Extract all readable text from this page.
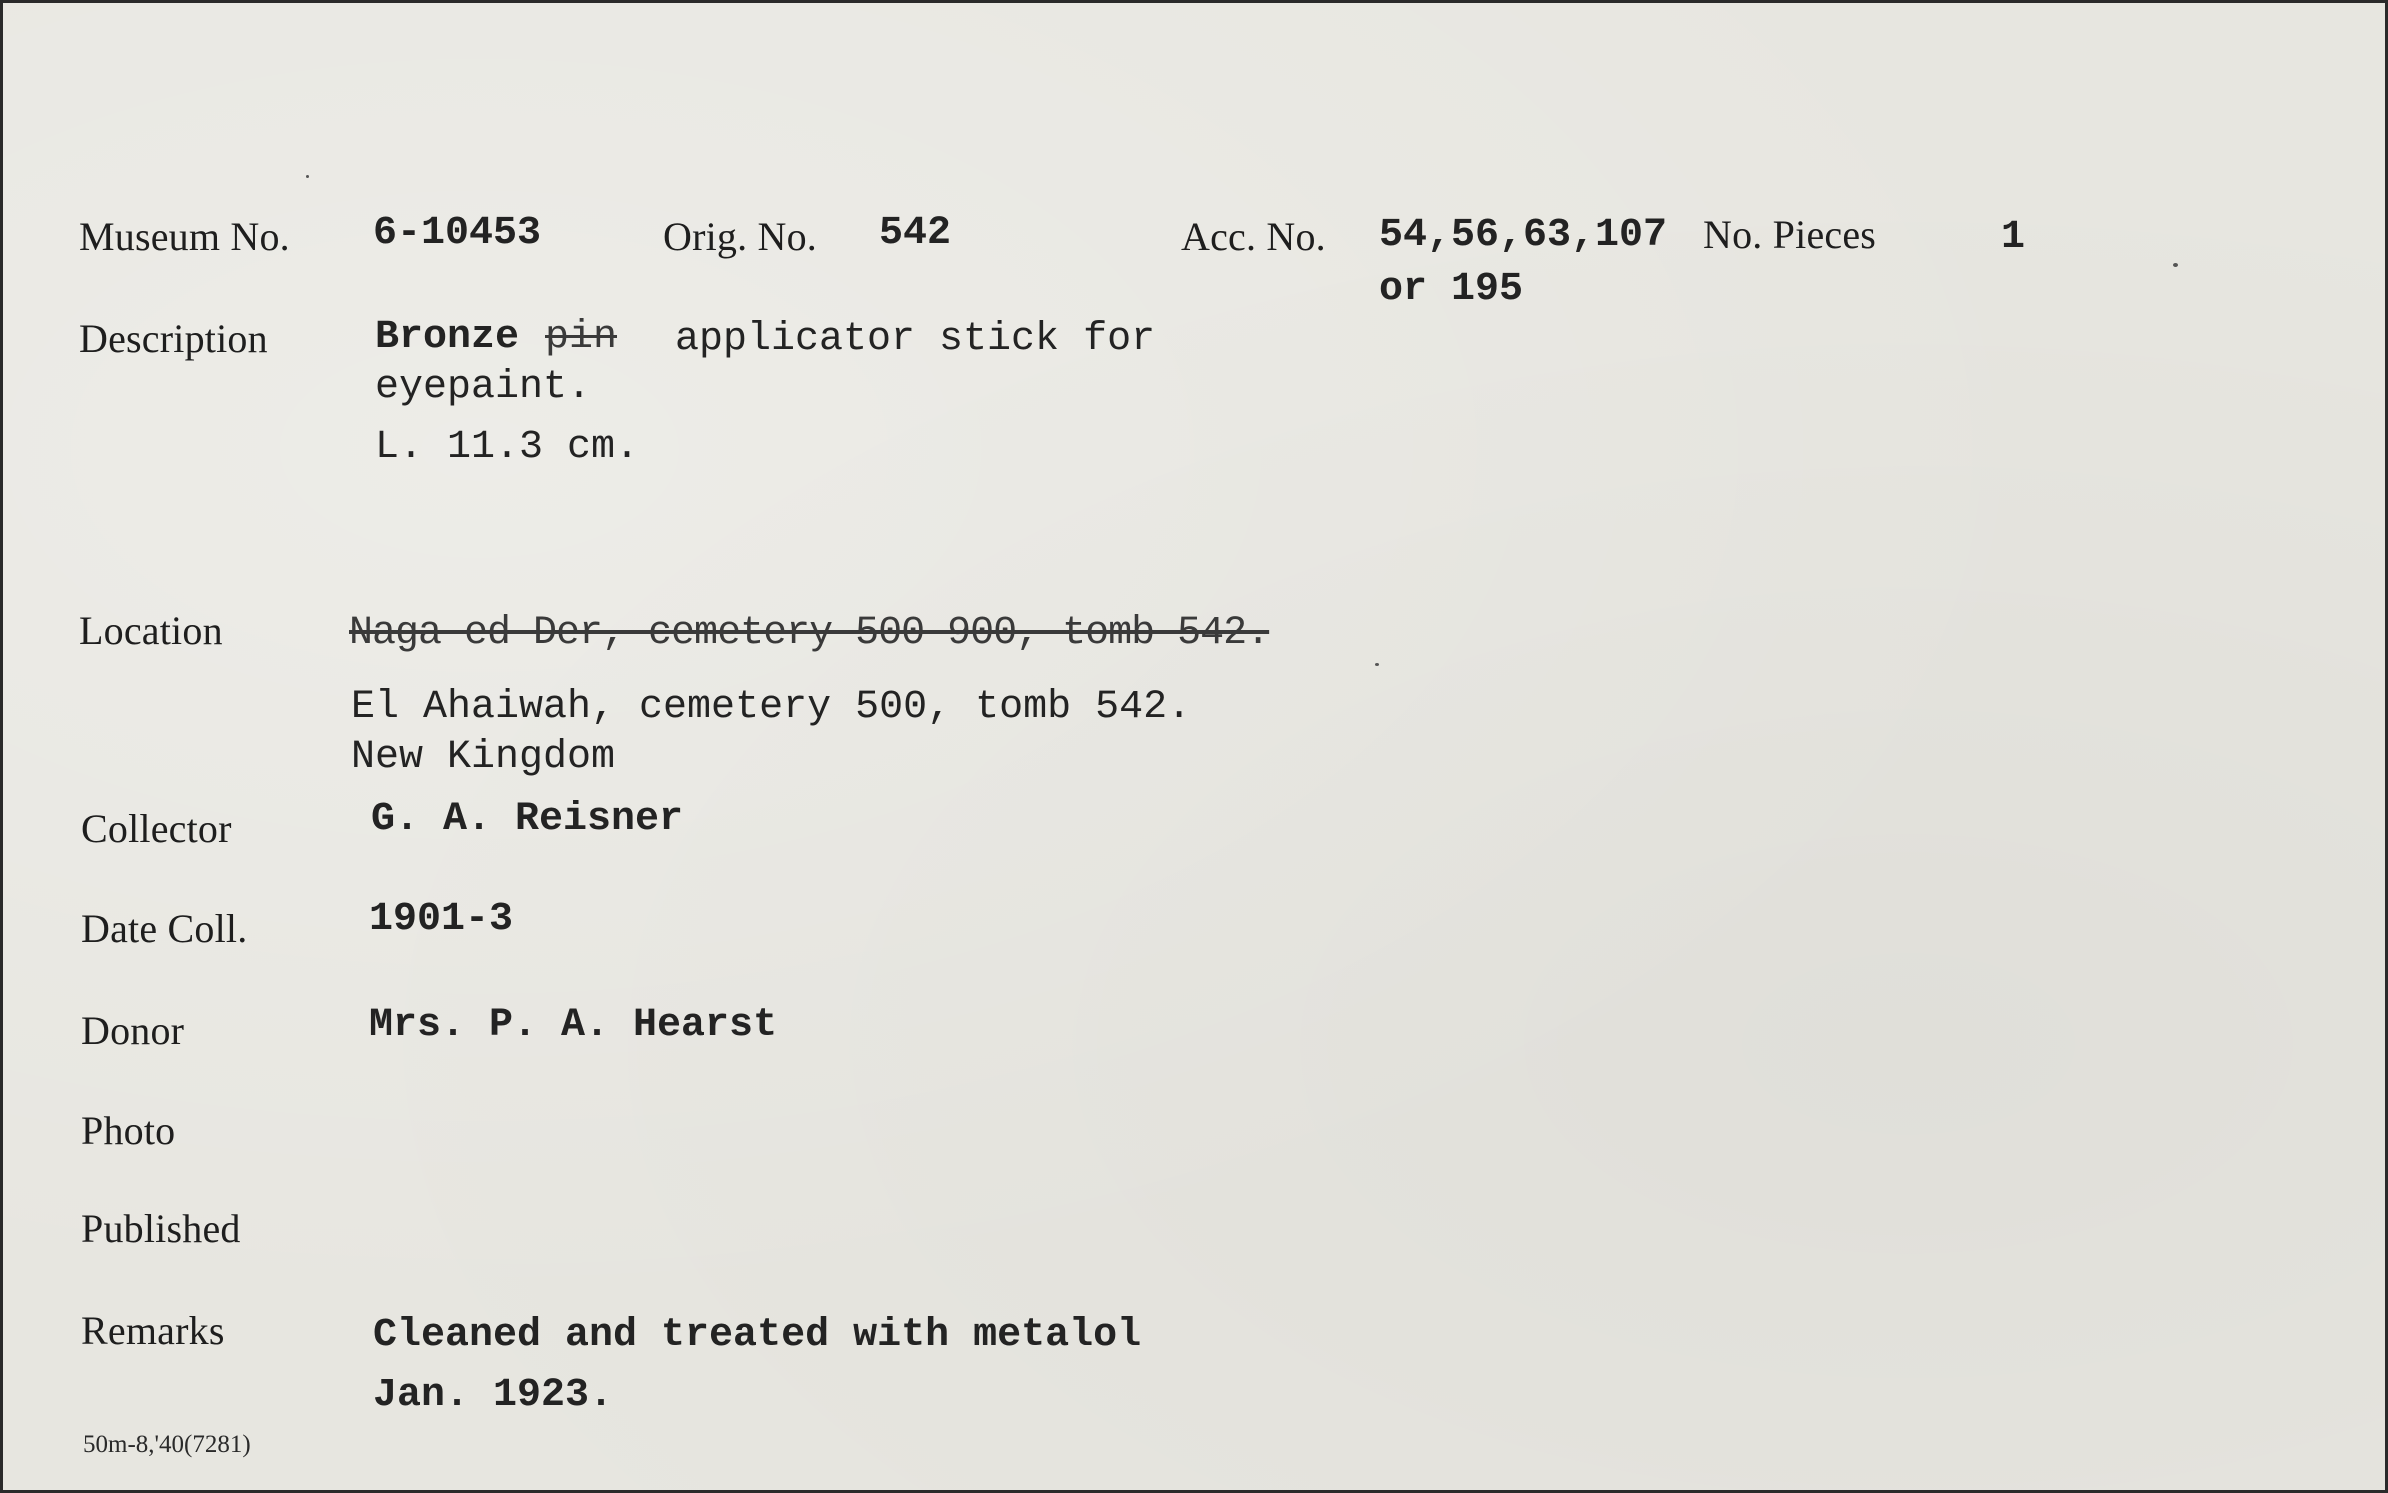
Museum No. 6-10453	Orig. No. 542	Acc. No. 54,56,63,107
or 195
No. Pieces	1
Description	Bronze pin applicator stick for
eyepaint.
L. 11.3 cm.
Location	Naga-ed-Der, cemetery 500-900, tomb 542.
El Ahaiwah, cemetery 500, tomb 542.
New Kingdom
Collector	G. A. Reisner
Date Coll.	1901-3
Donor	Mrs. P. A. Hearst
Photo
Published
Remarks	Cleaned and treated with metalol
Jan. 1923.
50m-8,'40(7281)
